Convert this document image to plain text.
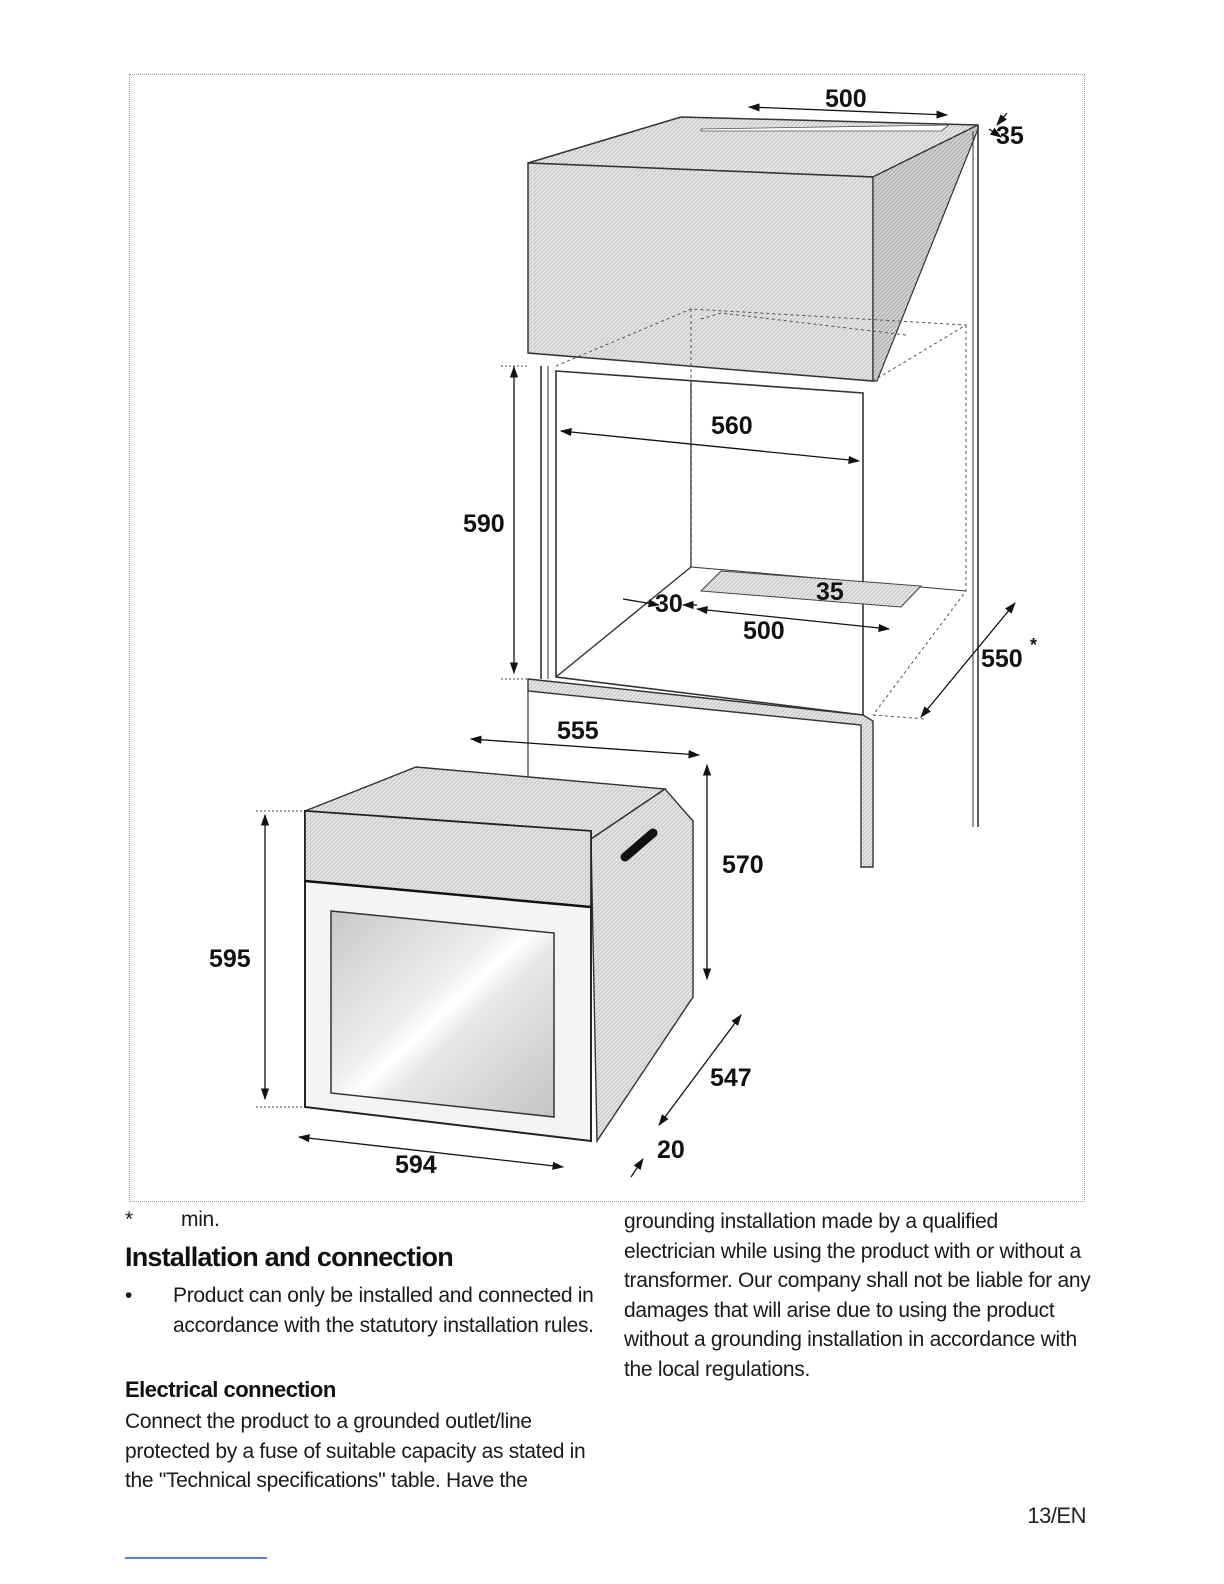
500
35
560
590
30
500
35
550 *
555
570
595
547
594
20
* min.
Installation and connection
•	Product can only be installed and connected in accordance with the statutory installation rules.
Electrical connection
Connect the product to a grounded outlet/line protected by a fuse of suitable capacity as stated in the "Technical specifications" table. Have the
grounding installation made by a qualified electrician while using the product with or without a transformer. Our company shall not be liable for any damages that will arise due to using the product without a grounding installation in accordance with the local regulations.
13/EN
